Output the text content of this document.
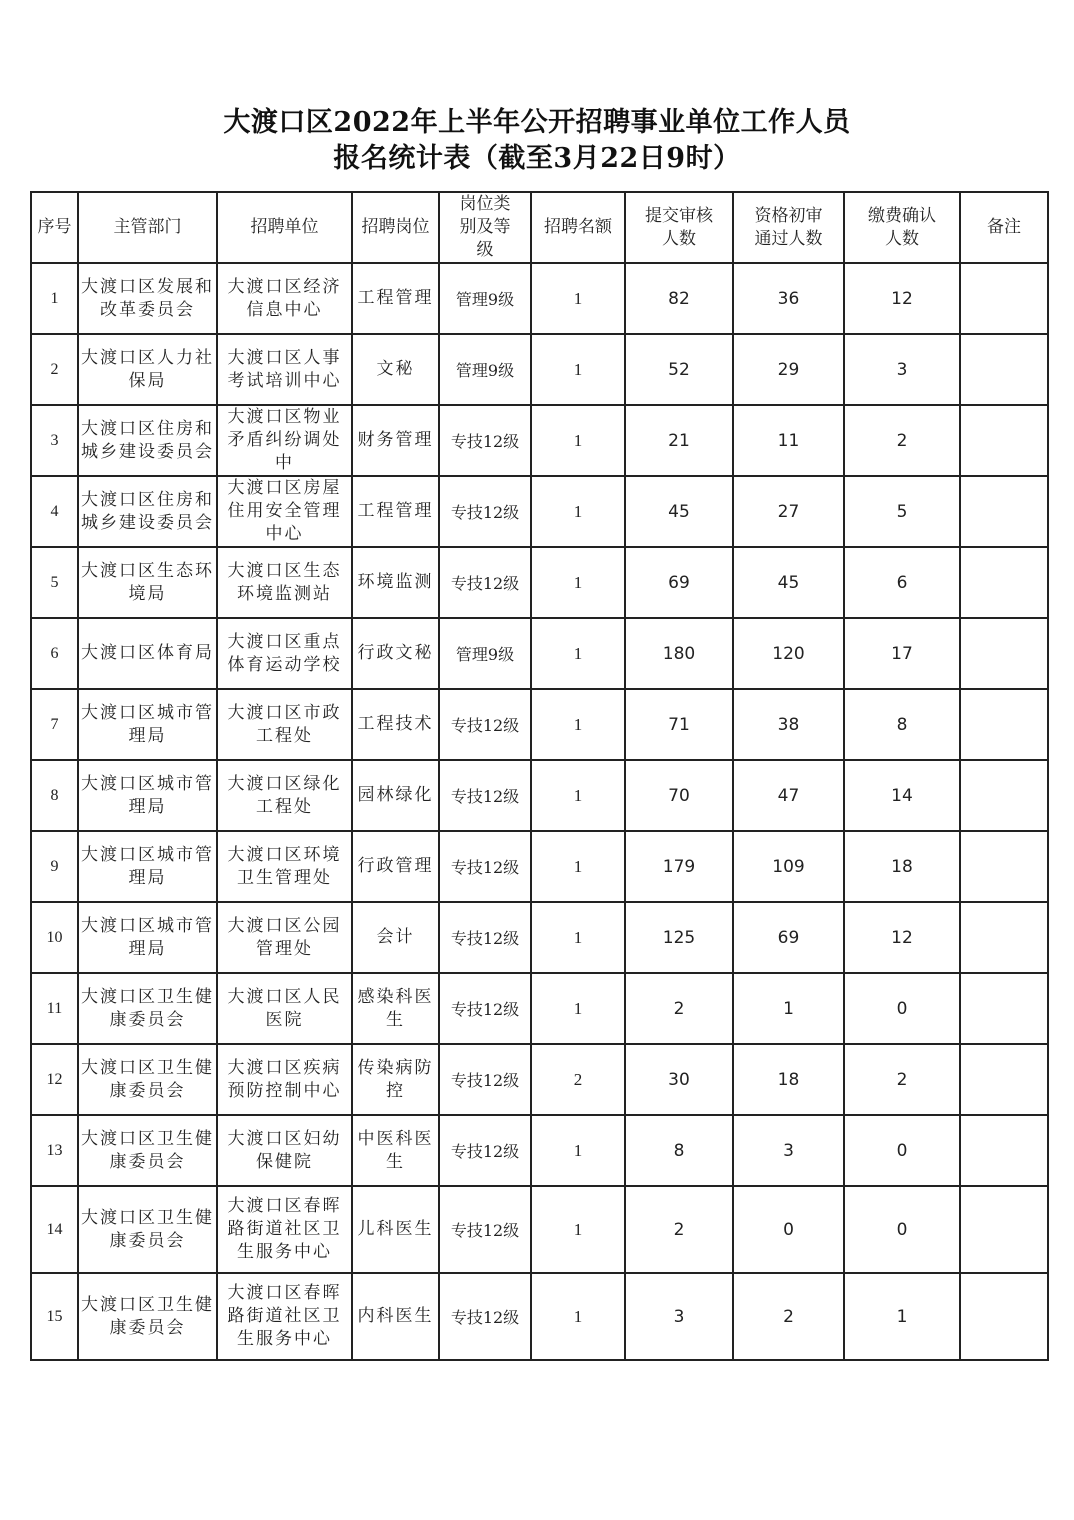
大渡口区2022年上半年公开招聘事业单位工作人员
报名统计表（截至3月22日9时）
序号	主管部门	招聘单位	招聘岗位	岗位类别及等级	招聘名额	提交审核人数	资格初审通过人数	缴费确认人数	备注
1	大渡口区发展和改革委员会	大渡口区经济信息中心	工程管理	管理9级	1	82	36	12	
2	大渡口区人力社保局	大渡口区人事考试培训中心	文秘	管理9级	1	52	29	3	
3	大渡口区住房和城乡建设委员会	大渡口区物业矛盾纠纷调处中	财务管理	专技12级	1	21	11	2	
4	大渡口区住房和城乡建设委员会	大渡口区房屋住用安全管理中心	工程管理	专技12级	1	45	27	5	
5	大渡口区生态环境局	大渡口区生态环境监测站	环境监测	专技12级	1	69	45	6	
6	大渡口区体育局	大渡口区重点体育运动学校	行政文秘	管理9级	1	180	120	17	
7	大渡口区城市管理局	大渡口区市政工程处	工程技术	专技12级	1	71	38	8	
8	大渡口区城市管理局	大渡口区绿化工程处	园林绿化	专技12级	1	70	47	14	
9	大渡口区城市管理局	大渡口区环境卫生管理处	行政管理	专技12级	1	179	109	18	
10	大渡口区城市管理局	大渡口区公园管理处	会计	专技12级	1	125	69	12	
11	大渡口区卫生健康委员会	大渡口区人民医院	感染科医生	专技12级	1	2	1	0	
12	大渡口区卫生健康委员会	大渡口区疾病预防控制中心	传染病防控	专技12级	2	30	18	2	
13	大渡口区卫生健康委员会	大渡口区妇幼保健院	中医科医生	专技12级	1	8	3	0	
14	大渡口区卫生健康委员会	大渡口区春晖路街道社区卫生服务中心	儿科医生	专技12级	1	2	0	0	
15	大渡口区卫生健康委员会	大渡口区春晖路街道社区卫生服务中心	内科医生	专技12级	1	3	2	1	
